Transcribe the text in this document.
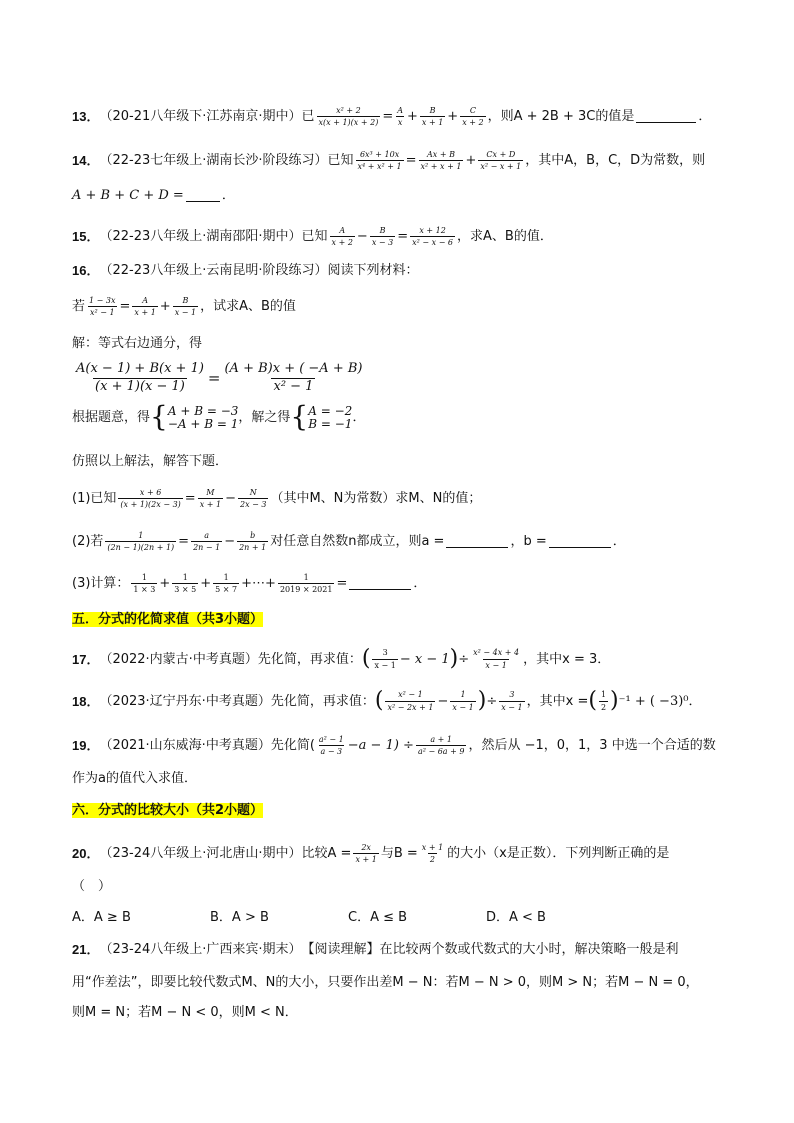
13． （20-21八年级下·江苏南京·期中） 已 $\frac{\text{x² + 2}}{x(x + 1)(x + 2)} = \frac{A}{x} + \frac{B}{x + 1} + \frac{C}{x + 2}$ ，则A + 2B + 3C的值是	．
14． （22-23七年级上·湖南长沙·阶段练习） 已知 $\frac{\text{6x³ + 10x}}{\text{x⁴ + x² + 1}} = \frac{Ax + B}{\text{x² + x + 1}} + \frac{Cx + D}{\text{x² − x + 1}}$ ，其中A，B，C，D为常数，则
A + B + C + D =	．
15． （22-23八年级上·湖南邵阳·期中） 已知 $\frac{A}{x + 2} - \frac{B}{x - 3} = \frac{x + 12}{\text{x² − x − 6}}$ ，求A、B的值．
16． （22-23八年级上·云南昆明·阶段练习） 阅读下列材料：
若 $\frac{1 - 3x}{\text{x² − 1}} = \frac{A}{x + 1} + \frac{B}{x - 1}$ ，试求A、B的值
解：等式右边通分，得
$\frac{A(x - 1) + B(x + 1)}{(x + 1)(x - 1)} = \frac{(A + B)x + ( -A + B)}{\text{x² − 1}}$
根据题意，得 { A + B = −3
−A + B = 1 ，解之得 { A = −2
B = −1 ．
仿照以上解法，解答下题．
(1)已知 $\frac{x + 6}{(x + 1)(2x - 3)} = \frac{M}{x + 1} - \frac{N}{2x - 3}$ （其中M、N为常数）求M、N的值；
(2)若 $\frac{1}{(2n - 1)(2n + 1)} = \frac{a}{2n - 1} - \frac{b}{2n + 1}$ 对任意自然数n都成立，则a =	，b =	．
(3)计算： $\frac{1}{1 \times 3} + \frac{1}{3 \times 5} + \frac{1}{5 \times 7}$ +⋯+ $\frac{1}{2019 \times 2021}$ =	．
五．分式的化简求值（共3小题）
17． （2022·内蒙古·中考真题） 先化简，再求值： ( $\frac{3}{x - 1} - x - 1$ ) ÷ $\frac{\text{x² − 4x + 4}}{x - 1}$ ，其中x = 3．
18． （2023·辽宁丹东·中考真题） 先化简，再求值： ( $\frac{\text{x² − 1}}{\text{x² − 2x + 1}} - \frac{1}{x - 1}$ ) ÷ $\frac{3}{x - 1}$ ，其中x = ( $\frac{1}{2}$ ) ⁻¹ + ( −3)⁰．
19． （2021·山东威海·中考真题） 先化简( $\frac{\text{a² − 1}}{a - 3} -a - 1) \div \frac{a + 1}{\text{a² − 6a + 9}}$ ，然后从 −1，0，1，3 中选一个合适的数
作为a的值代入求值．
六．分式的比较大小（共2小题）
20． （23-24八年级上·河北唐山·期中） 比较$A = \frac{2x}{x + 1}$ 与$B = \frac{x + 1}{2}$ 的大小（x是正数）．下列判断正确的是
（　）
A．A ≥ B	B．A > B	C．A ≤ B	D．A < B
21． （23-24八年级上·广西来宾·期末） 【阅读理解】在比较两个数或代数式的大小时，解决策略一般是利
用“作差法”，即要比较代数式M、N的大小，只要作出差M − N：若M − N > 0，则M > N；若M − N = 0，
则M = N；若M − N < 0，则M < N．
